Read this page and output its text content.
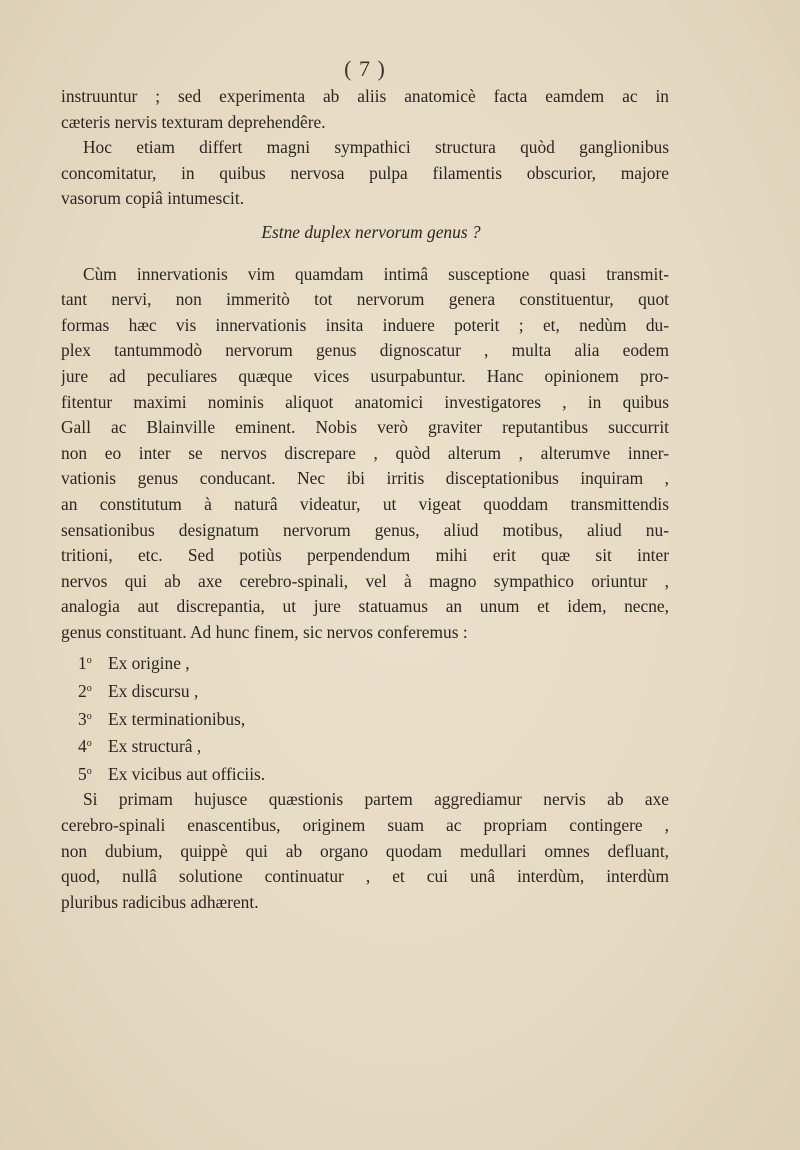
( 7 )
instruuntur ; sed experimenta ab aliis anatomicè facta eamdem ac in
cæteris nervis texturam deprehendêre.
Hoc etiam differt magni sympathici structura quòd ganglionibus
concomitatur, in quibus nervosa pulpa filamentis obscurior, majore
vasorum copiâ intumescit.
Estne duplex nervorum genus ?
Cùm innervationis vim quamdam intimâ susceptione quasi transmit-
tant nervi, non immeritò tot nervorum genera constituentur, quot
formas hæc vis innervationis insita induere poterit ; et, nedùm du-
plex tantummodò nervorum genus dignoscatur , multa alia eodem
jure ad peculiares quæque vices usurpabuntur. Hanc opinionem pro-
fitentur maximi nominis aliquot anatomici investigatores , in quibus
Gall ac Blainville eminent. Nobis verò graviter reputantibus succurrit
non eo inter se nervos discrepare , quòd alterum , alterumve inner-
vationis genus conducant. Nec ibi irritis disceptationibus inquiram ,
an constitutum à naturâ videatur, ut vigeat quoddam transmittendis
sensationibus designatum nervorum genus, aliud motibus, aliud nu-
tritioni, etc. Sed potiùs perpendendum mihi erit quæ sit inter
nervos qui ab axe cerebro-spinali, vel à magno sympathico oriuntur ,
analogia aut discrepantia, ut jure statuamus an unum et idem, necne,
genus constituant. Ad hunc finem, sic nervos conferemus :
1$^o$ Ex origine ,
2$^o$ Ex discursu ,
3$^o$ Ex terminationibus,
4$^o$ Ex structurâ ,
5$^o$ Ex vicibus aut officiis.
Si primam hujusce quæstionis partem aggrediamur nervis ab axe
cerebro-spinali enascentibus, originem suam ac propriam contingere ,
non dubium, quippè qui ab organo quodam medullari omnes defluant,
quod, nullâ solutione continuatur , et cui unâ interdùm, interdùm
pluribus radicibus adhærent.
